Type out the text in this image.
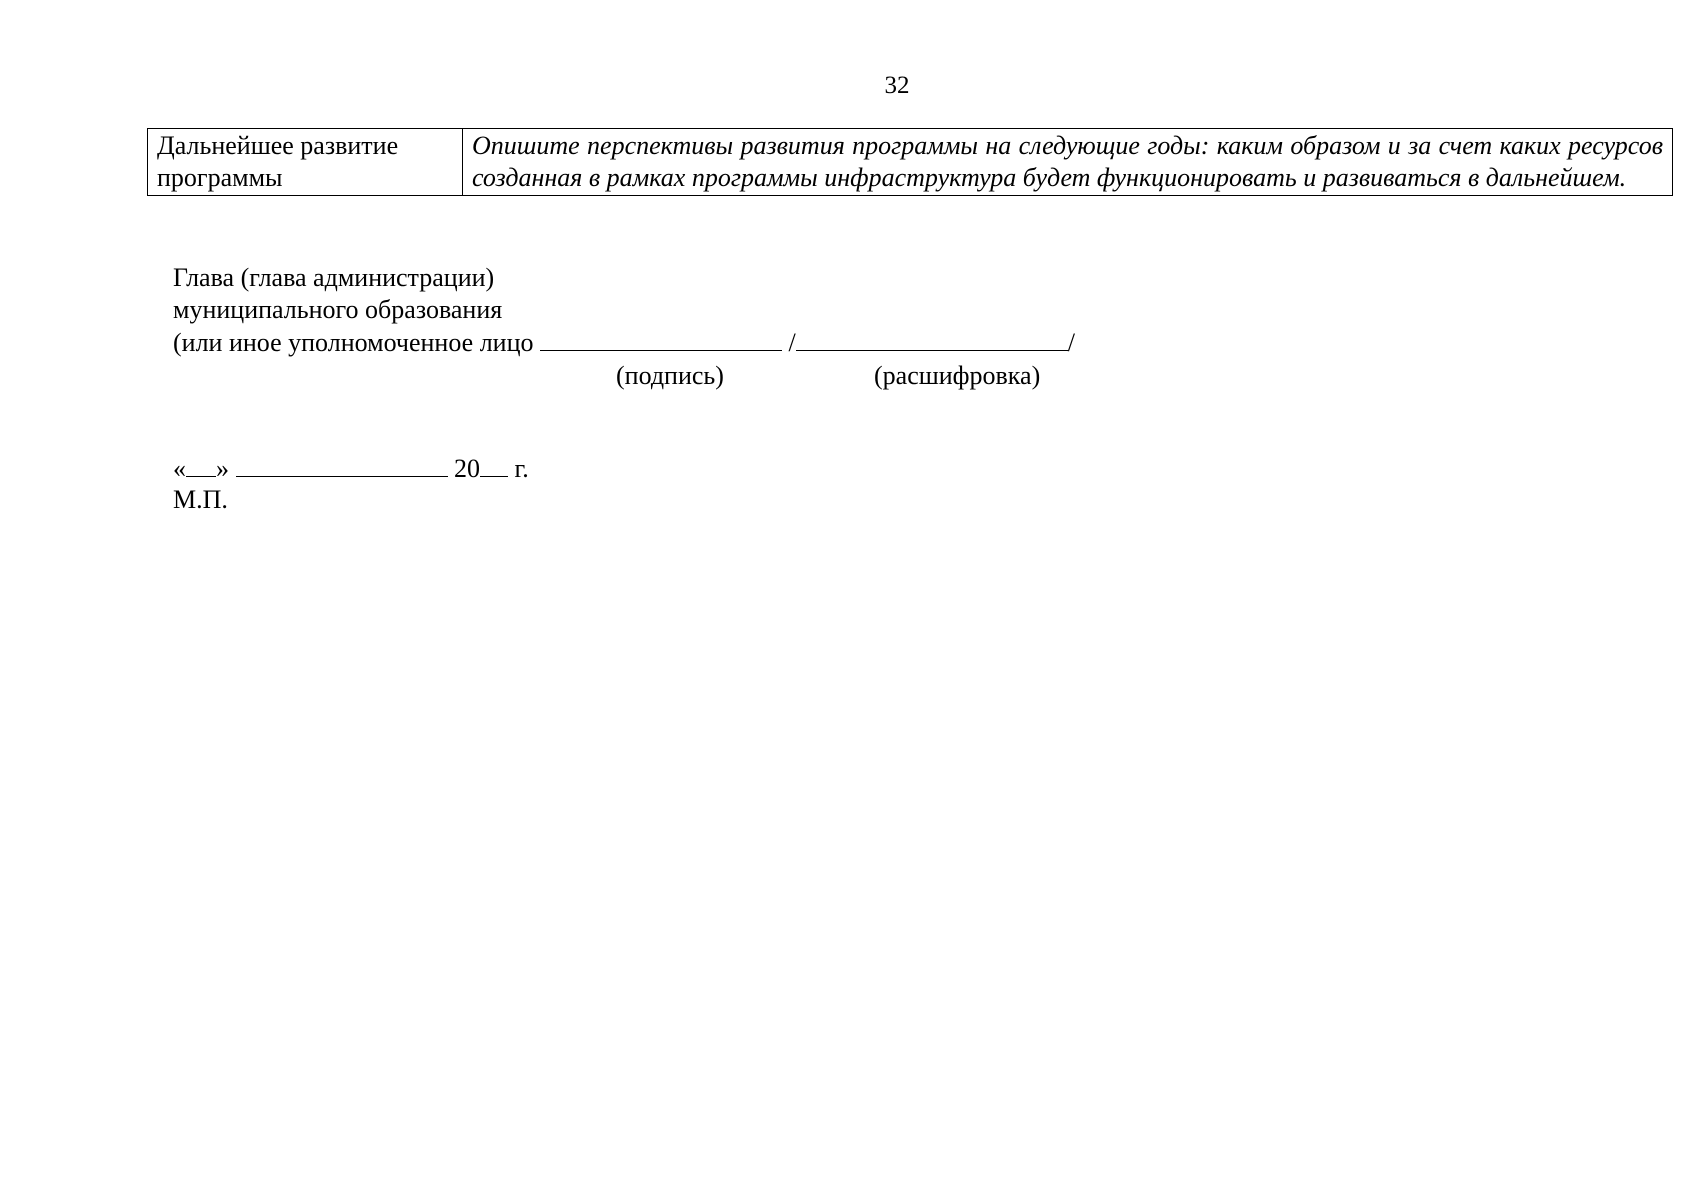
32
Дальнейшее развитие программы	Опишите перспективы развития программы на следующие годы: каким образом и за счет каких ресурсов созданная в рамках программы инфраструктура будет функционировать и развиваться в дальнейшем.
Глава (глава администрации)
муниципального образования
(или иное уполномоченное лицо	/	/
(подпись)	(расшифровка)
« »	20 г.
М.П.
